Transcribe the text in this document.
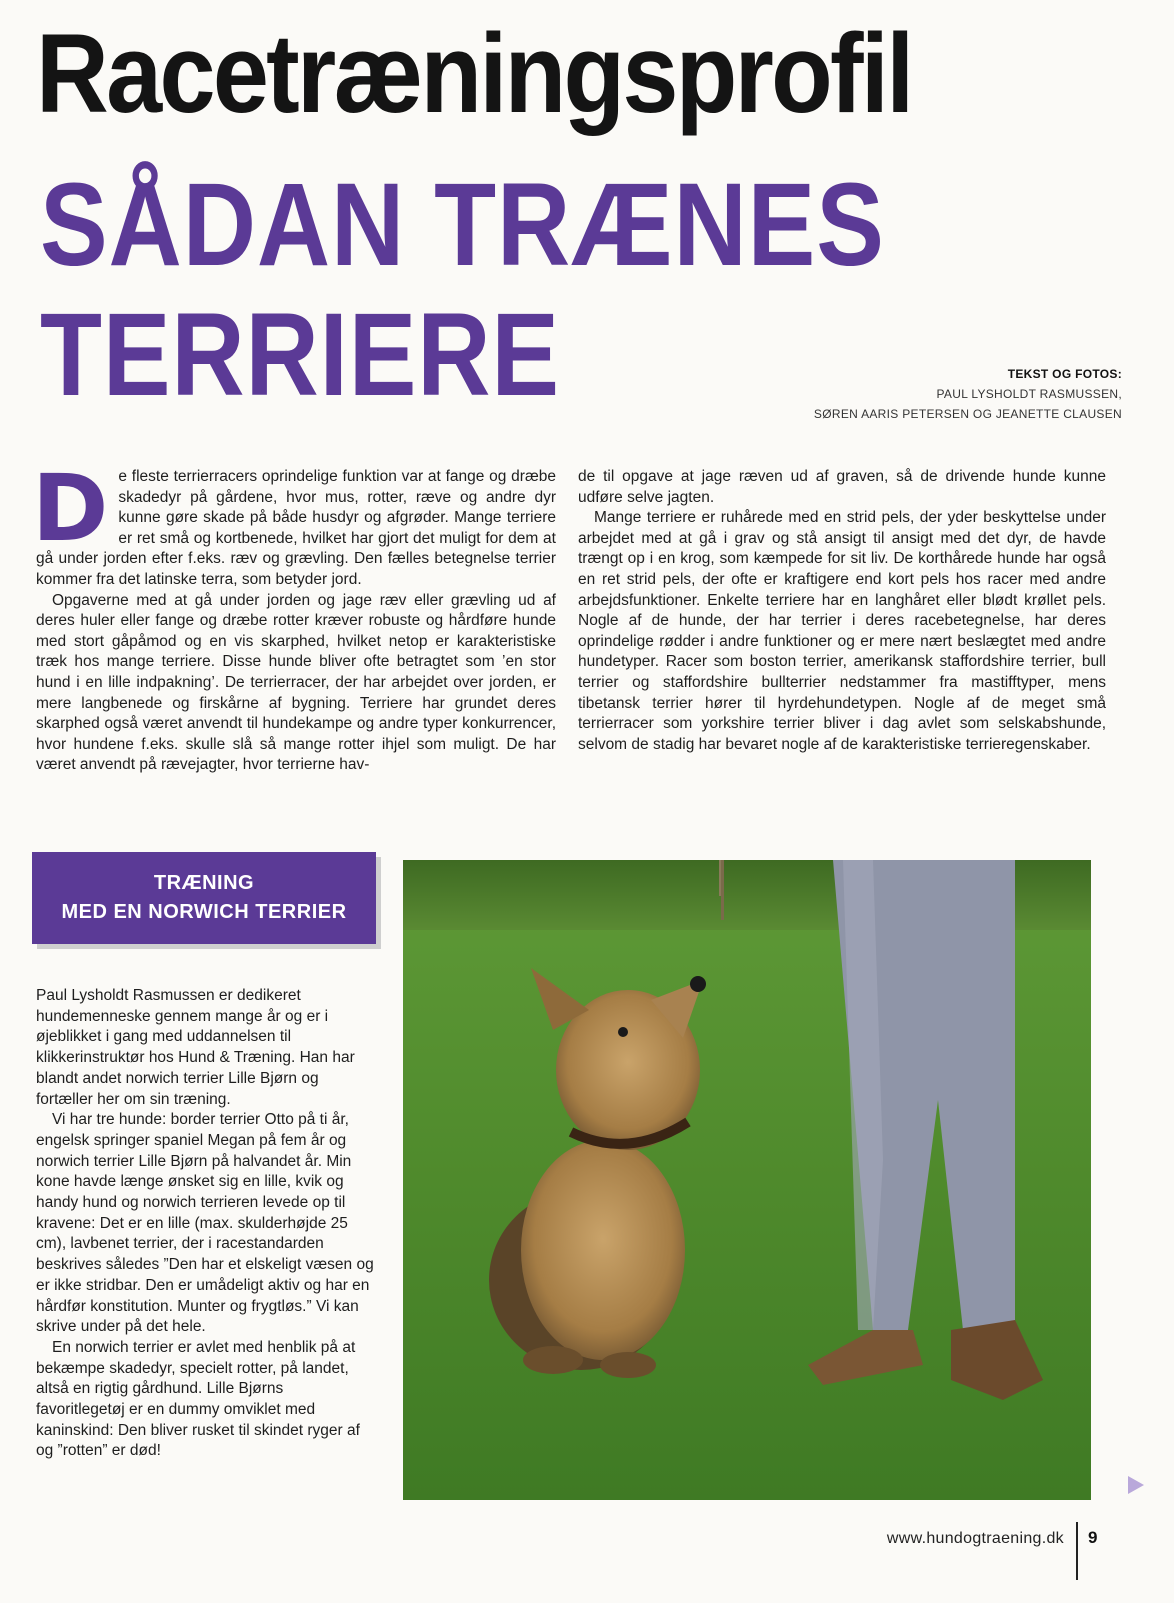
Racetræningsprofil
SÅDAN TRÆNES
TERRIERE	TEKST OG FOTOS:
PAUL LYSHOLDT RASMUSSEN,
SØREN AARIS PETERSEN OG JEANETTE CLAUSEN

De fleste terrierracers oprindelige funktion var at fange og dræbe skadedyr på gårdene, hvor mus, rotter, ræve og andre dyr kunne gøre skade på både husdyr og afgrøder. Mange terriere er ret små og kortbenede, hvilket har gjort det muligt for dem at gå under jorden efter f.eks. ræv og grævling. Den fælles betegnelse terrier kommer fra det latinske terra, som betyder jord.

Opgaverne med at gå under jorden og jage ræv eller grævling ud af deres huler eller fange og dræbe rotter kræver robuste og hårdføre hunde med stort gåpåmod og en vis skarphed, hvilket netop er karakteristiske træk hos mange terriere. Disse hunde bliver ofte betragtet som ’en stor hund i en lille indpakning’. De terrierracer, der har arbejdet over jorden, er mere langbenede og firskårne af bygning. Terriere har grundet deres skarphed også været anvendt til hundekampe og andre typer konkurrencer, hvor hundene f.eks. skulle slå så mange rotter ihjel som muligt. De har været anvendt på rævejagter, hvor terrierne hav-

de til opgave at jage ræven ud af graven, så de drivende hunde kunne udføre selve jagten.

Mange terriere er ruhårede med en strid pels, der yder beskyttelse under arbejdet med at gå i grav og stå ansigt til ansigt med det dyr, de havde trængt op i en krog, som kæmpede for sit liv. De korthårede hunde har også en ret strid pels, der ofte er kraftigere end kort pels hos racer med andre arbejdsfunktioner. Enkelte terriere har en langhåret eller blødt krøllet pels. Nogle af de hunde, der har terrier i deres racebetegnelse, har deres oprindelige rødder i andre funktioner og er mere nært beslægtet med andre hundetyper. Racer som boston terrier, amerikansk staffordshire terrier, bull terrier og staffordshire bullterrier nedstammer fra mastifftyper, mens tibetansk terrier hører til hyrdehundetypen. Nogle af de meget små terrierracer som yorkshire terrier bliver i dag avlet som selskabshunde, selvom de stadig har bevaret nogle af de karakteristiske terrieregenskaber.

TRÆNING
MED EN NORWICH TERRIER

Paul Lysholdt Rasmussen er dedikeret hundemenneske gennem mange år og er i øjeblikket i gang med uddannelsen til klikkerinstruktør hos Hund & Træning. Han har blandt andet norwich terrier Lille Bjørn og fortæller her om sin træning.

Vi har tre hunde: border terrier Otto på ti år, engelsk springer spaniel Megan på fem år og norwich terrier Lille Bjørn på halvandet år. Min kone havde længe ønsket sig en lille, kvik og handy hund og norwich terrieren levede op til kravene: Det er en lille (max. skulderhøjde 25 cm), lavbenet terrier, der i racestandarden beskrives således ”Den har et elskeligt væsen og er ikke stridbar. Den er umådeligt aktiv og har en hårdfør konstitution. Munter og frygtløs.” Vi kan skrive under på det hele.

En norwich terrier er avlet med henblik på at bekæmpe skadedyr, specielt rotter, på landet, altså en rigtig gårdhund. Lille Bjørns favoritlegetøj er en dummy omviklet med kaninskind: Den bliver rusket til skindet ryger af og ”rotten” er død!

www.hundogtraening.dk 9
